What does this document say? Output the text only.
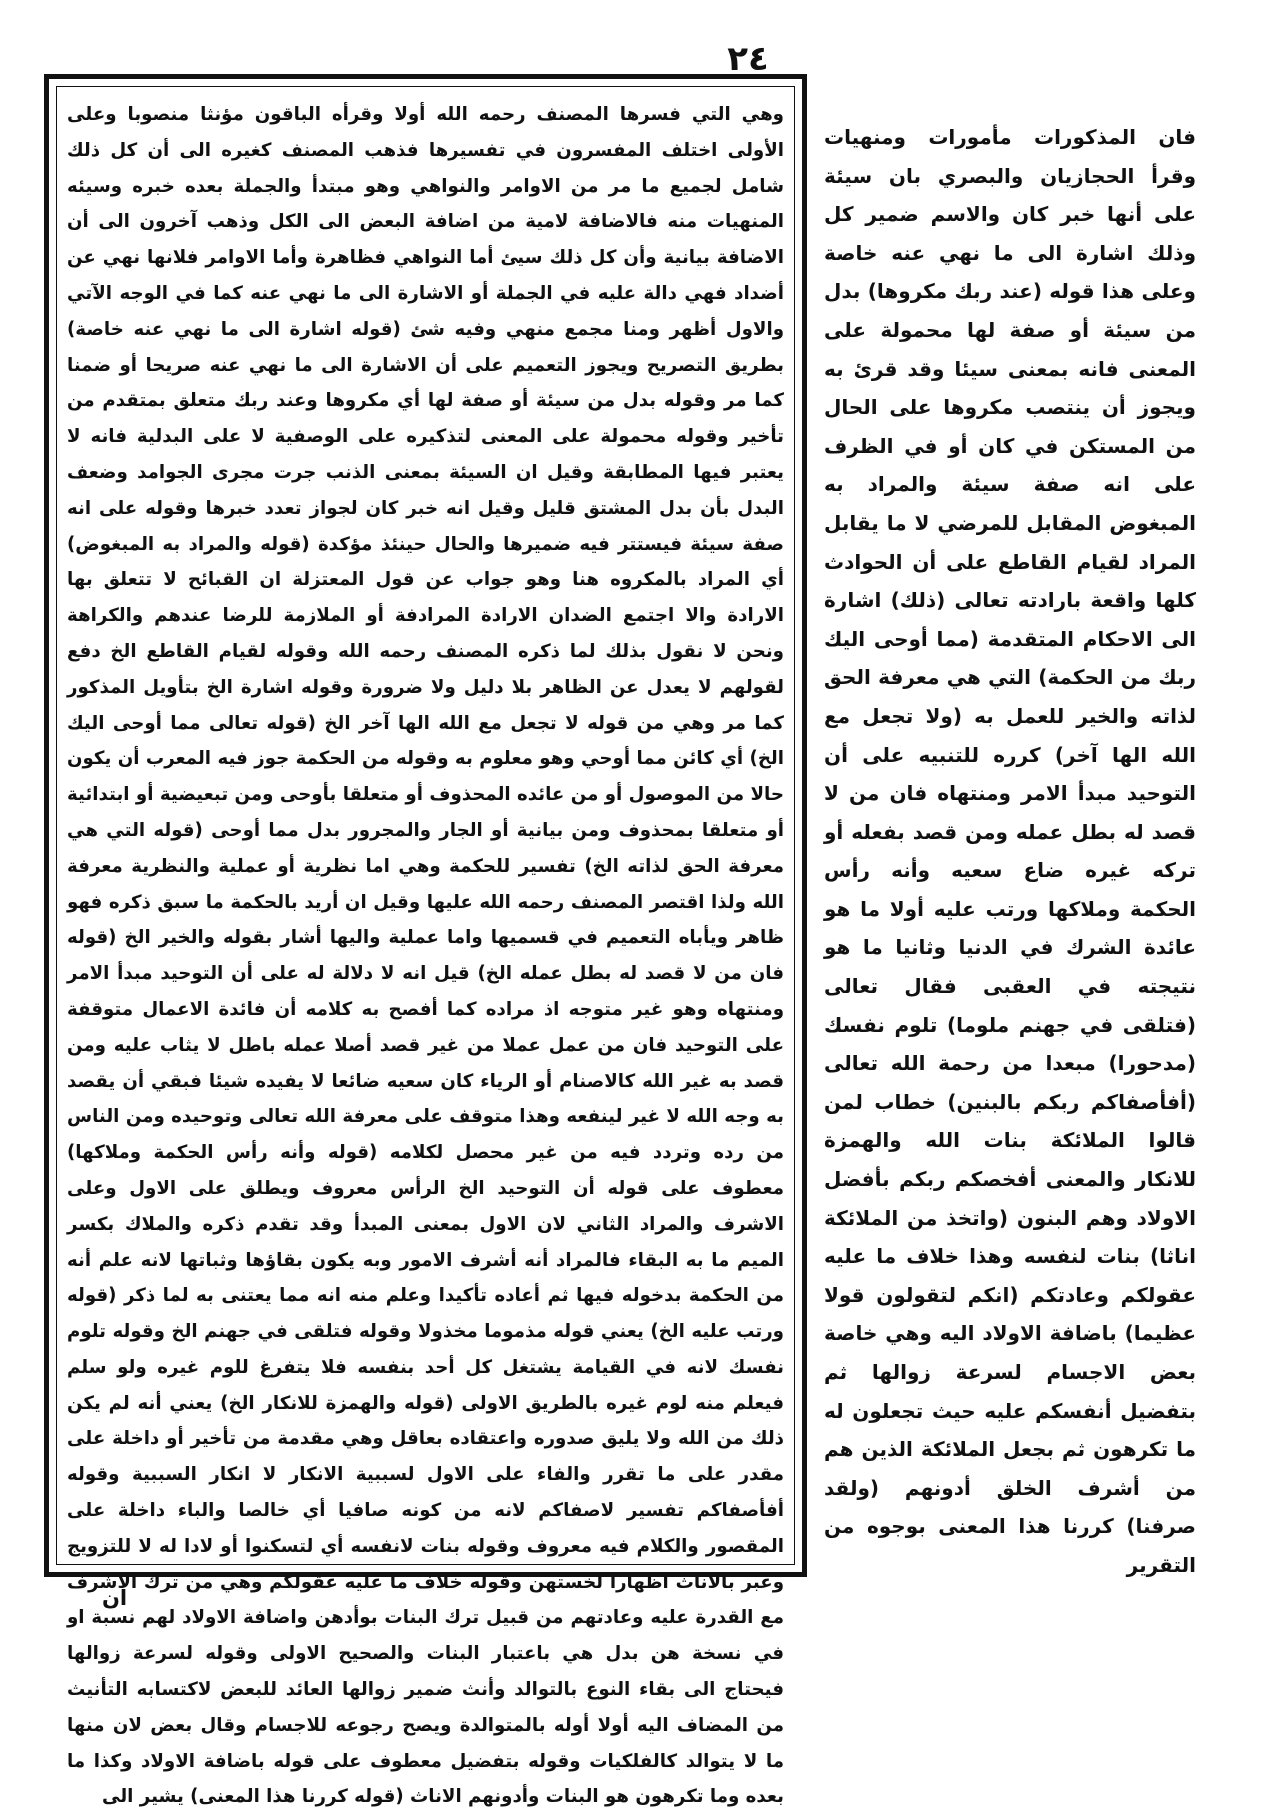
٢٤
وهي التي فسرها المصنف رحمه الله أولا وقرأه الباقون مؤنثا منصوبا وعلى الأولى اختلف المفسرون في تفسيرها فذهب المصنف كغيره الى أن كل ذلك شامل لجميع ما مر من الاوامر والنواهي وهو مبتدأ والجملة بعده خبره وسيئه المنهيات منه فالاضافة لامية من اضافة البعض الى الكل وذهب آخرون الى أن الاضافة بيانية وأن كل ذلك سيئ أما النواهي فظاهرة وأما الاوامر فلانها نهي عن أضداد فهي دالة عليه في الجملة أو الاشارة الى ما نهي عنه كما في الوجه الآتي والاول أظهر ومنا مجمع منهي وفيه شئ (قوله اشارة الى ما نهي عنه خاصة) بطريق التصريح ويجوز التعميم على أن الاشارة الى ما نهي عنه صريحا أو ضمنا كما مر وقوله بدل من سيئة أو صفة لها أي مكروها وعند ربك متعلق بمتقدم من تأخير وقوله محمولة على المعنى لتذكيره على الوصفية لا على البدلية فانه لا يعتبر فيها المطابقة وقيل ان السيئة بمعنى الذنب جرت مجرى الجوامد وضعف البدل بأن بدل المشتق قليل وقيل انه خبر كان لجواز تعدد خبرها وقوله على انه صفة سيئة فيستتر فيه ضميرها والحال حينئذ مؤكدة (قوله والمراد به المبغوض) أي المراد بالمكروه هنا وهو جواب عن قول المعتزلة ان القبائح لا تتعلق بها الارادة والا اجتمع الضدان الارادة المرادفة أو الملازمة للرضا عندهم والكراهة ونحن لا نقول بذلك لما ذكره المصنف رحمه الله وقوله لقيام القاطع الخ دفع لقولهم لا يعدل عن الظاهر بلا دليل ولا ضرورة وقوله اشارة الخ بتأويل المذكور كما مر وهي من قوله لا تجعل مع الله الها آخر الخ (قوله تعالى مما أوحى اليك الخ) أي كائن مما أوحي وهو معلوم به وقوله من الحكمة جوز فيه المعرب أن يكون حالا من الموصول أو من عائده المحذوف أو متعلقا بأوحى ومن تبعيضية أو ابتدائية أو متعلقا بمحذوف ومن بيانية أو الجار والمجرور بدل مما أوحى (قوله التي هي معرفة الحق لذاته الخ) تفسير للحكمة وهي اما نظرية أو عملية والنظرية معرفة الله ولذا اقتصر المصنف رحمه الله عليها وقيل ان أريد بالحكمة ما سبق ذكره فهو ظاهر ويأباه التعميم في قسميها واما عملية واليها أشار بقوله والخير الخ (قوله فان من لا قصد له بطل عمله الخ) قيل انه لا دلالة له على أن التوحيد مبدأ الامر ومنتهاه وهو غير متوجه اذ مراده كما أفصح به كلامه أن فائدة الاعمال متوقفة على التوحيد فان من عمل عملا من غير قصد أصلا عمله باطل لا يثاب عليه ومن قصد به غير الله كالاصنام أو الرياء كان سعيه ضائعا لا يفيده شيئا فبقي أن يقصد به وجه الله لا غير لينفعه وهذا متوقف على معرفة الله تعالى وتوحيده ومن الناس من رده وتردد فيه من غير محصل لكلامه (قوله وأنه رأس الحكمة وملاكها) معطوف على قوله أن التوحيد الخ الرأس معروف ويطلق على الاول وعلى الاشرف والمراد الثاني لان الاول بمعنى المبدأ وقد تقدم ذكره والملاك بكسر الميم ما به البقاء فالمراد أنه أشرف الامور وبه يكون بقاؤها وثباتها لانه علم أنه من الحكمة بدخوله فيها ثم أعاده تأكيدا وعلم منه انه مما يعتنى به لما ذكر (قوله ورتب عليه الخ) يعني قوله مذموما مخذولا وقوله فتلقى في جهنم الخ وقوله تلوم نفسك لانه في القيامة يشتغل كل أحد بنفسه فلا يتفرغ للوم غيره ولو سلم فيعلم منه لوم غيره بالطريق الاولى (قوله والهمزة للانكار الخ) يعني أنه لم يكن ذلك من الله ولا يليق صدوره واعتقاده بعاقل وهي مقدمة من تأخير أو داخلة على مقدر على ما تقرر والفاء على الاول لسببية الانكار لا انكار السببية وقوله أفأصفاكم تفسير لاصفاكم لانه من كونه صافيا أي خالصا والباء داخلة على المقصور والكلام فيه معروف وقوله بنات لانفسه أي لتسكنوا أو لادا له لا للتزويج وعبر بالاناث اظهارا لخستهن وقوله خلاف ما عليه عقولكم وهي من ترك الاشرف مع القدرة عليه وعادتهم من قبيل ترك البنات بوأدهن واضافة الاولاد لهم نسبة او في نسخة هن بدل هي باعتبار البنات والصحيح الاولى وقوله لسرعة زوالها فيحتاج الى بقاء النوع بالتوالد وأنث ضمير زوالها العائد للبعض لاكتسابه التأنيث من المضاف اليه أولا أوله بالمتوالدة ويصح رجوعه للاجسام وقال بعض لان منها ما لا يتوالد كالفلكيات وقوله بتفضيل معطوف على قوله باضافة الاولاد وكذا ما بعده وما تكرهون هو البنات وأدونهم الاناث (قوله كررنا هذا المعنى) يشير الى
فان المذكورات مأمورات ومنهيات وقرأ الحجازيان والبصري بان سيئة على أنها خبر كان والاسم ضمير كل وذلك اشارة الى ما نهي عنه خاصة وعلى هذا قوله (عند ربك مكروها) بدل من سيئة أو صفة لها محمولة على المعنى فانه بمعنى سيئا وقد قرئ به ويجوز أن ينتصب مكروها على الحال من المستكن في كان أو في الظرف على انه صفة سيئة والمراد به المبغوض المقابل للمرضي لا ما يقابل المراد لقيام القاطع على أن الحوادث كلها واقعة بارادته تعالى (ذلك) اشارة الى الاحكام المتقدمة (مما أوحى اليك ربك من الحكمة) التي هي معرفة الحق لذاته والخير للعمل به (ولا تجعل مع الله الها آخر) كرره للتنبيه على أن التوحيد مبدأ الامر ومنتهاه فان من لا قصد له بطل عمله ومن قصد بفعله أو تركه غيره ضاع سعيه وأنه رأس الحكمة وملاكها ورتب عليه أولا ما هو عائدة الشرك في الدنيا وثانيا ما هو نتيجته في العقبى فقال تعالى (فتلقى في جهنم ملوما) تلوم نفسك (مدحورا) مبعدا من رحمة الله تعالى (أفأصفاكم ربكم بالبنين) خطاب لمن قالوا الملائكة بنات الله والهمزة للانكار والمعنى أفخصكم ربكم بأفضل الاولاد وهم البنون (واتخذ من الملائكة اناثا) بنات لنفسه وهذا خلاف ما عليه عقولكم وعادتكم (انكم لتقولون قولا عظيما) باضافة الاولاد اليه وهي خاصة بعض الاجسام لسرعة زوالها ثم بتفضيل أنفسكم عليه حيث تجعلون له ما تكرهون ثم بجعل الملائكة الذين هم من أشرف الخلق أدونهم (ولقد صرفنا) كررنا هذا المعنى بوجوه من التقرير
ان
